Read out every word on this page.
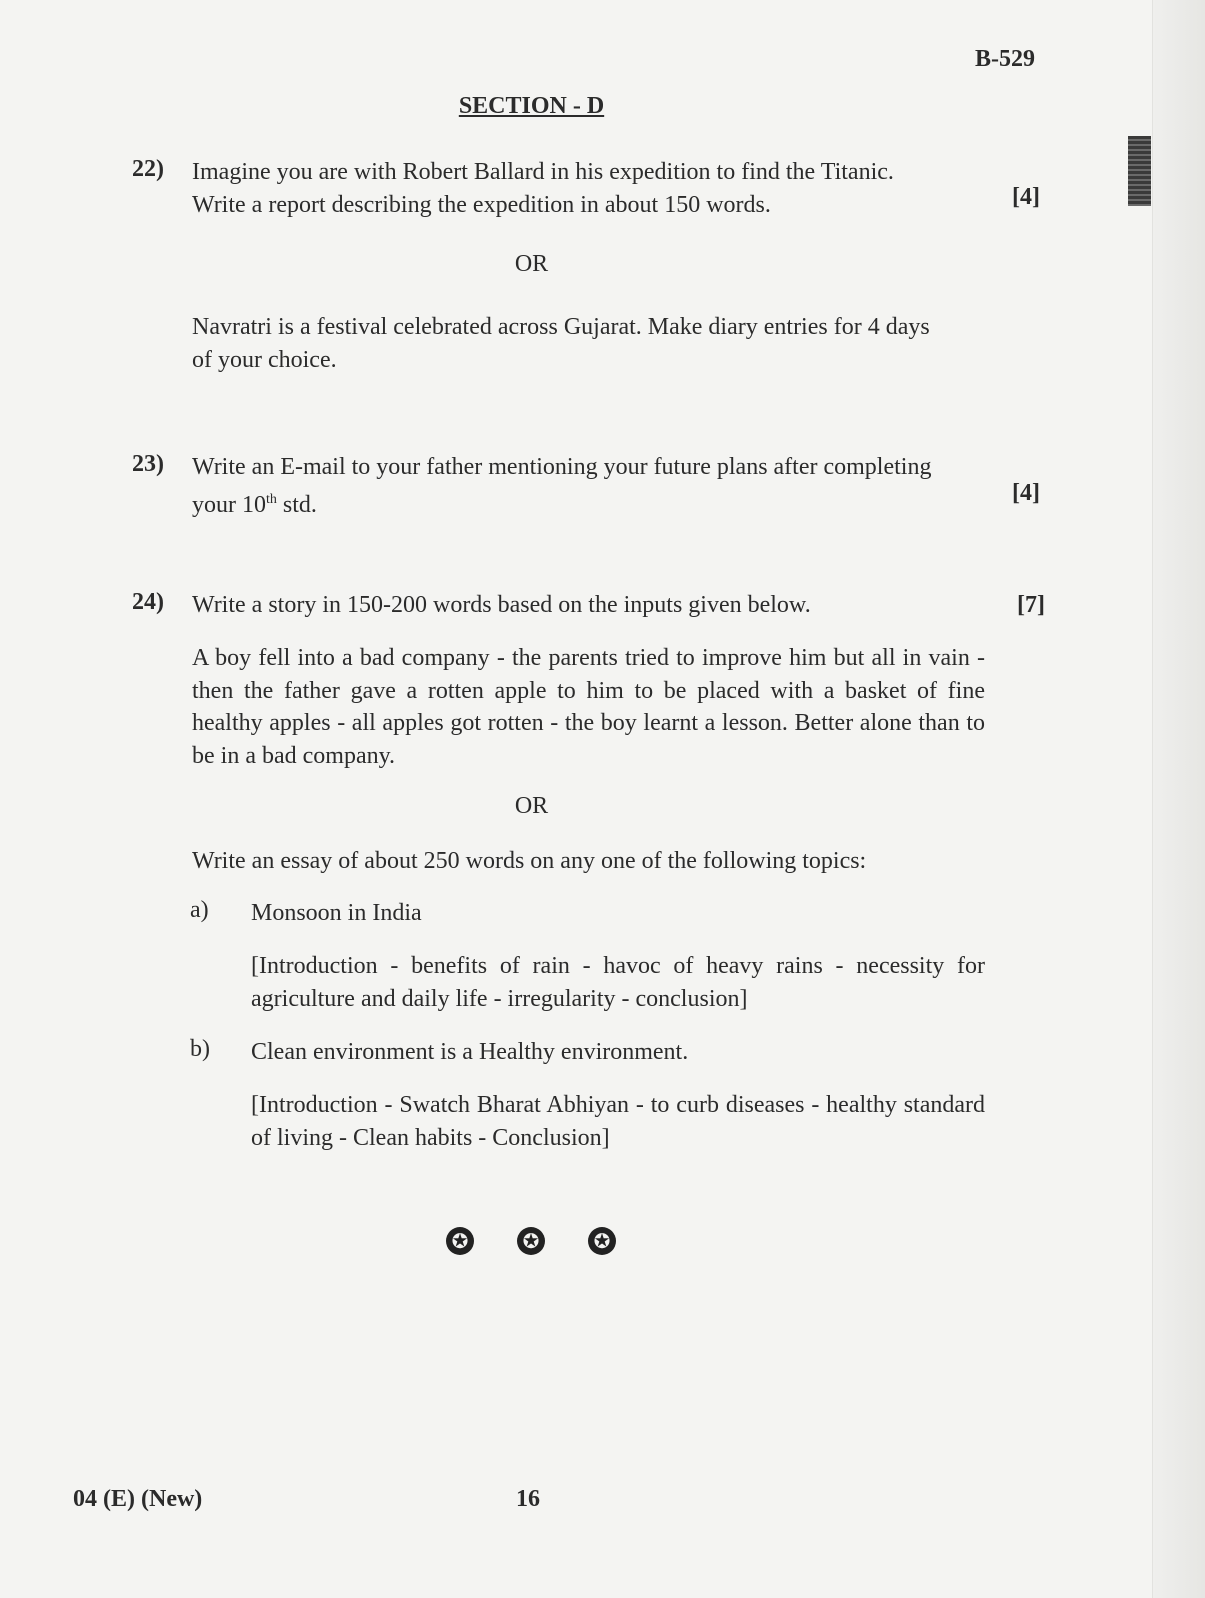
B-529
SECTION - D
22) Imagine you are with Robert Ballard in his expedition to find the Titanic.
Write a report describing the expedition in about 150 words.	[4]
OR
Navratri is a festival celebrated across Gujarat. Make diary entries for 4 days
of your choice.
23) Write an E-mail to your father mentioning your future plans after completing
your 10th std.	[4]
24) Write a story in 150-200 words based on the inputs given below.	[7]
A boy fell into a bad company - the parents tried to improve him but all in vain - then the father gave a rotten apple to him to be placed with a basket of fine healthy apples - all apples got rotten - the boy learnt a lesson. Better alone than to be in a bad company.
OR
Write an essay of about 250 words on any one of the following topics:
a) Monsoon in India
[Introduction - benefits of rain - havoc of heavy rains - necessity for agriculture and daily life - irregularity - conclusion]
b) Clean environment is a Healthy environment.
[Introduction - Swatch Bharat Abhiyan - to curb diseases - healthy standard of living - Clean habits - Conclusion]
✪	✪	✪
04 (E) (New)	16
